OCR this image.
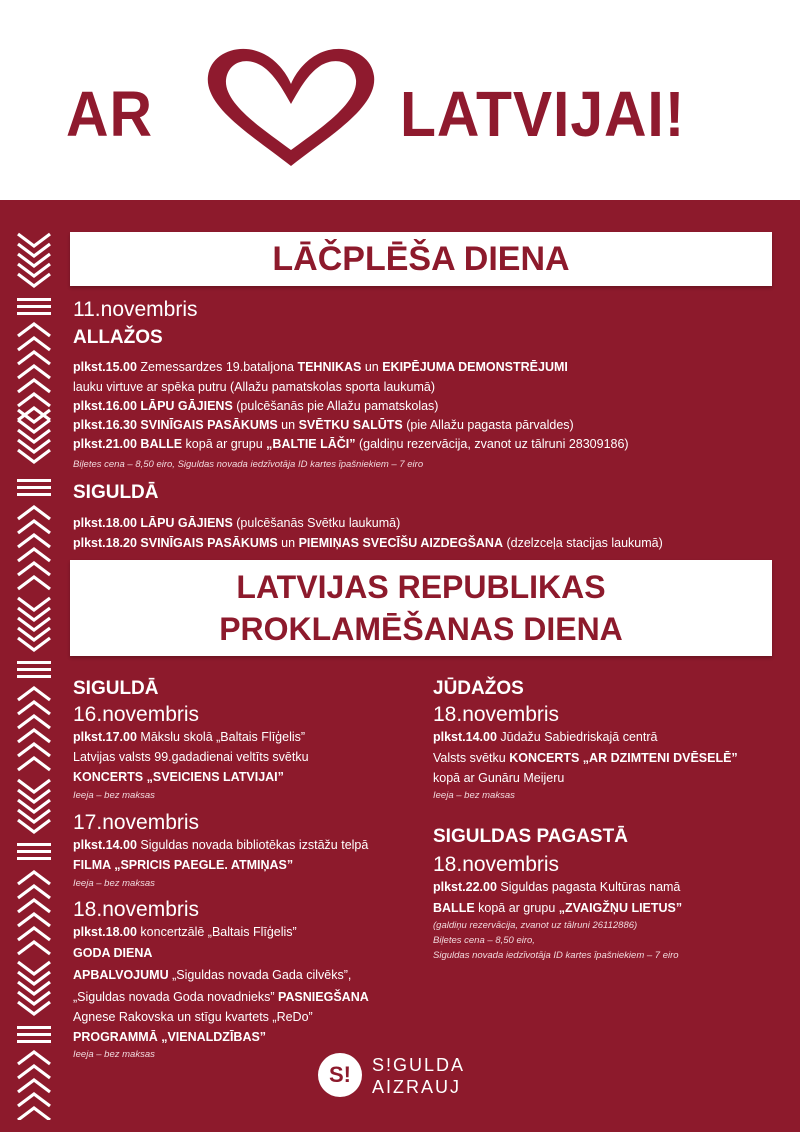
AR	LATVIJAI!
LĀČPLĒŠA DIENA
11.novembris
ALLAŽOS
plkst.15.00 Zemessardzes 19.bataljona TEHNIKAS un EKIPĒJUMA DEMONSTRĒJUMI
lauku virtuve ar spēka putru (Allažu pamatskolas sporta laukumā)
plkst.16.00 LĀPU GĀJIENS (pulcēšanās pie Allažu pamatskolas)
plkst.16.30 SVINĪGAIS PASĀKUMS un SVĒTKU SALŪTS (pie Allažu pagasta pārvaldes)
plkst.21.00 BALLE kopā ar grupu „BALTIE LĀČI” (galdiņu rezervācija, zvanot uz tālruni 28309186)
Biļetes cena – 8,50 eiro, Siguldas novada iedzīvotāja ID kartes īpašniekiem – 7 eiro
SIGULDĀ
plkst.18.00 LĀPU GĀJIENS (pulcēšanās Svētku laukumā)
plkst.18.20 SVINĪGAIS PASĀKUMS un PIEMIŅAS SVECĪŠU AIZDEGŠANA (dzelzceļa stacijas laukumā)
LATVIJAS REPUBLIKAS
PROKLAMĒŠANAS DIENA
SIGULDĀ
16.novembris
plkst.17.00 Mākslu skolā „Baltais Flīģelis”
Latvijas valsts 99.gadadienai veltīts svētku
KONCERTS „SVEICIENS LATVIJAI”
Ieeja – bez maksas
17.novembris
plkst.14.00 Siguldas novada bibliotēkas izstāžu telpā
FILMA „SPRICIS PAEGLE. ATMIŅAS”
Ieeja – bez maksas
18.novembris
plkst.18.00 koncertzālē „Baltais Flīģelis”
GODA DIENA
APBALVOJUMU „Siguldas novada Gada cilvēks”,
„Siguldas novada Goda novadnieks” PASNIEGŠANA
Agnese Rakovska un stīgu kvartets „ReDo”
PROGRAMMĀ „VIENALDZĪBAS”
Ieeja – bez maksas
JŪDAŽOS
18.novembris
plkst.14.00 Jūdažu Sabiedriskajā centrā
Valsts svētku KONCERTS „AR DZIMTENI DVĒSELĒ”
kopā ar Gunāru Meijeru
Ieeja – bez maksas
SIGULDAS PAGASTĀ
18.novembris
plkst.22.00 Siguldas pagasta Kultūras namā
BALLE kopā ar grupu „ZVAIGŽŅU LIETUS”
(galdiņu rezervācija, zvanot uz tālruni 26112886)
Biļetes cena – 8,50 eiro,
Siguldas novada iedzīvotāja ID kartes īpašniekiem – 7 eiro
S!	S!GULDA
AIZRAUJ
